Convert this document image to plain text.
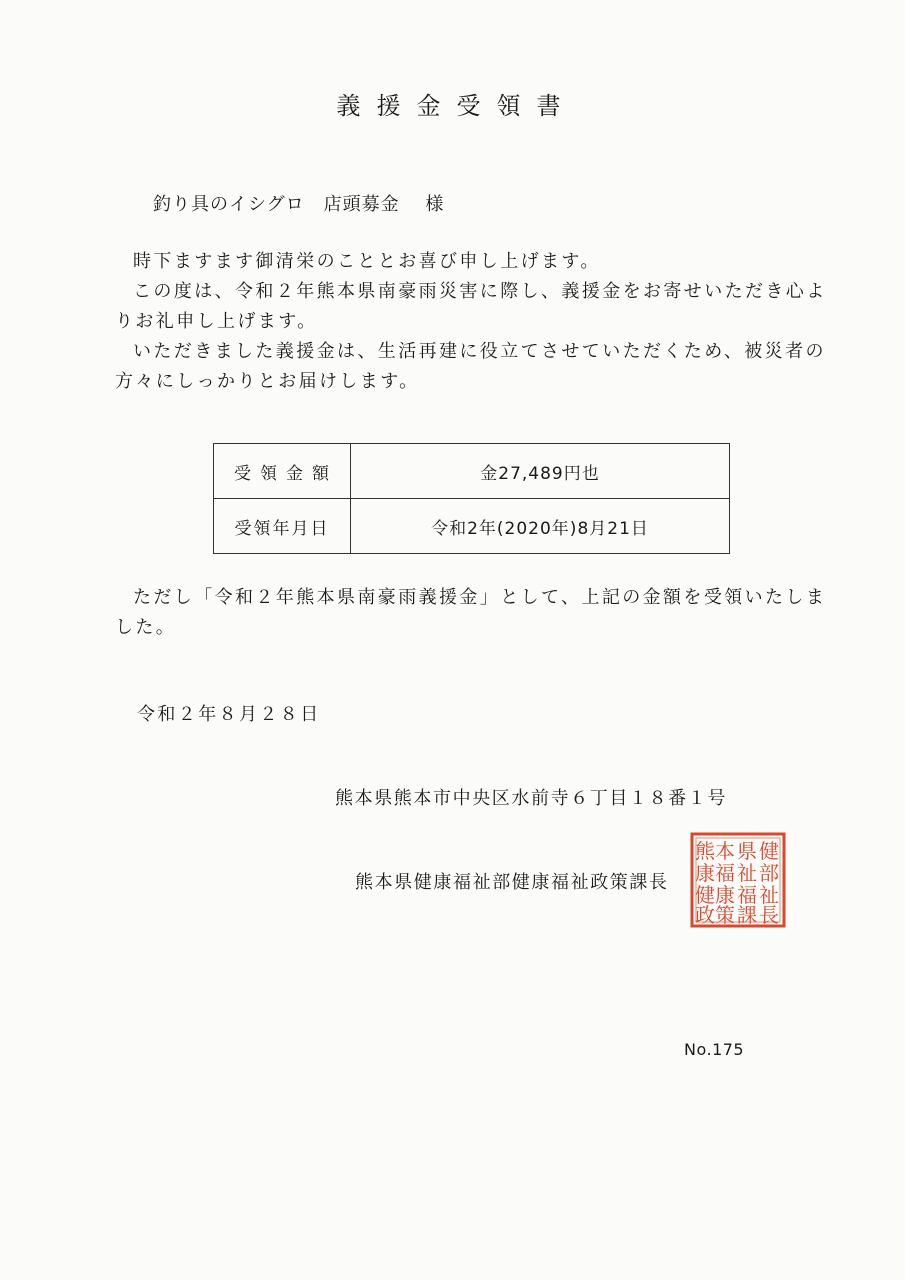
義援金受領書
釣り具のイシグロ　店頭募金　 様

時下ますます御清栄のこととお喜び申し上げます。

この度は、令和２年熊本県南豪雨災害に際し、義援金をお寄せいただき心よりお礼申し上げます。

いただきました義援金は、生活再建に役立てさせていただくため、被災者の方々にしっかりとお届けします。

受領金額	金27,489円也
受領年月日	令和2年(2020年)8月21日
ただし「令和２年熊本県南豪雨義援金」として、上記の金額を受領いたしました。
令和２年８月２８日
熊本県熊本市中央区水前寺６丁目１８番１号
熊本県健康福祉部健康福祉政策課長
健
部
祉
長
県
祉
福
課
本
福
康
策
熊
康
健
政
No.175
